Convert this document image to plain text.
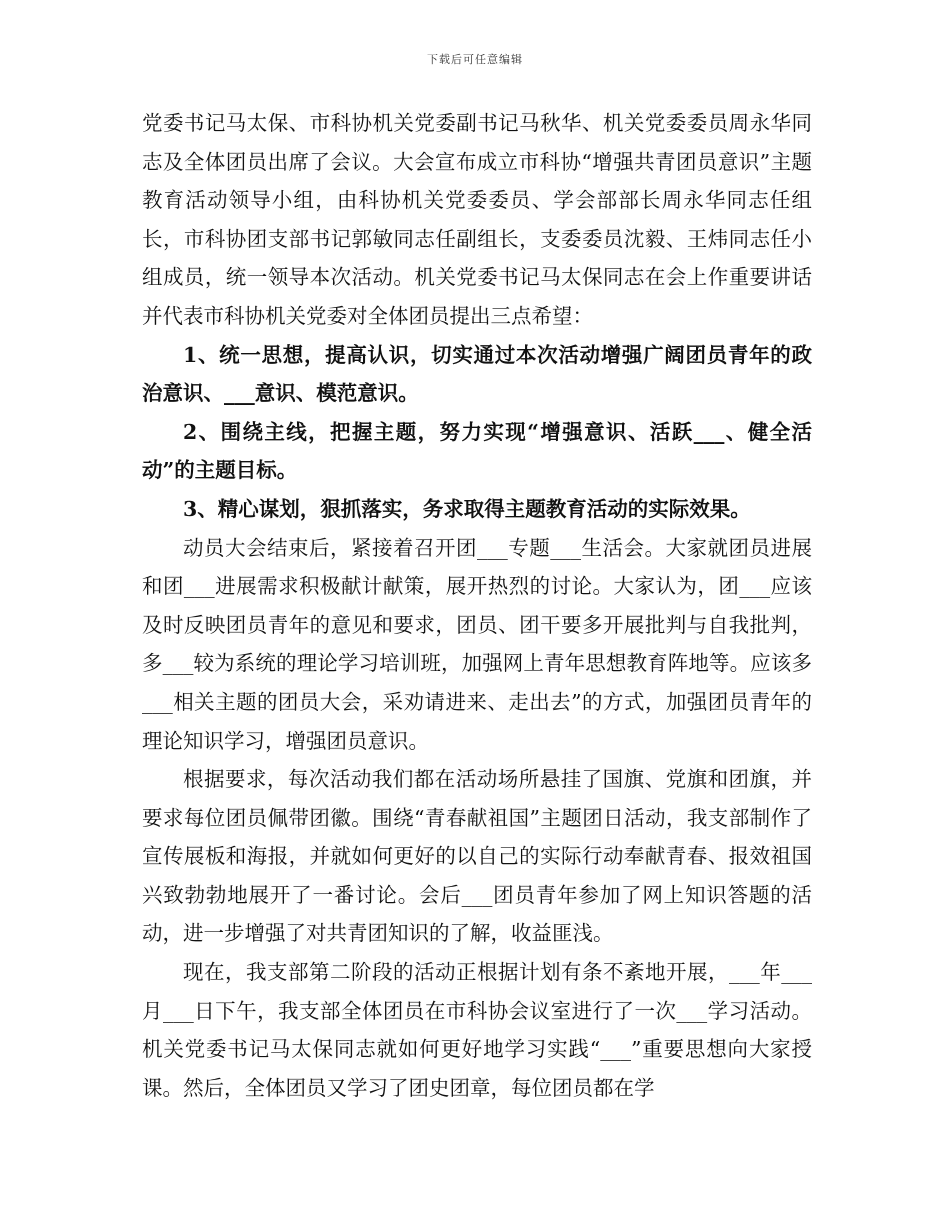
下载后可任意编辑

党委书记马太保、市科协机关党委副书记马秋华、机关党委委员周永华同志及全体团员出席了会议。大会宣布成立市科协“增强共青团员意识”主题教育活动领导小组，由科协机关党委委员、学会部部长周永华同志任组长，市科协团支部书记郭敏同志任副组长，支委委员沈毅、王炜同志任小组成员，统一领导本次活动。机关党委书记马太保同志在会上作重要讲话并代表市科协机关党委对全体团员提出三点希望：

1、统一思想，提高认识，切实通过本次活动增强广阔团员青年的政治意识、___意识、模范意识。

2、围绕主线，把握主题，努力实现“增强意识、活跃___、健全活动”的主题目标。

3、精心谋划，狠抓落实，务求取得主题教育活动的实际效果。

动员大会结束后，紧接着召开团___专题___生活会。大家就团员进展和团___进展需求积极献计献策，展开热烈的讨论。大家认为，团___应该及时反映团员青年的意见和要求，团员、团干要多开展批判与自我批判，多___较为系统的理论学习培训班，加强网上青年思想教育阵地等。应该多___相关主题的团员大会，采劝请进来、走出去”的方式，加强团员青年的理论知识学习，增强团员意识。

根据要求，每次活动我们都在活动场所悬挂了国旗、党旗和团旗，并要求每位团员佩带团徽。围绕“青春献祖国”主题团日活动，我支部制作了宣传展板和海报，并就如何更好的以自己的实际行动奉献青春、报效祖国兴致勃勃地展开了一番讨论。会后___团员青年参加了网上知识答题的活动，进一步增强了对共青团知识的了解，收益匪浅。

现在，我支部第二阶段的活动正根据计划有条不紊地开展，___年___月___日下午，我支部全体团员在市科协会议室进行了一次___学习活动。机关党委书记马太保同志就如何更好地学习实践“___”重要思想向大家授课。然后，全体团员又学习了团史团章，每位团员都在学
